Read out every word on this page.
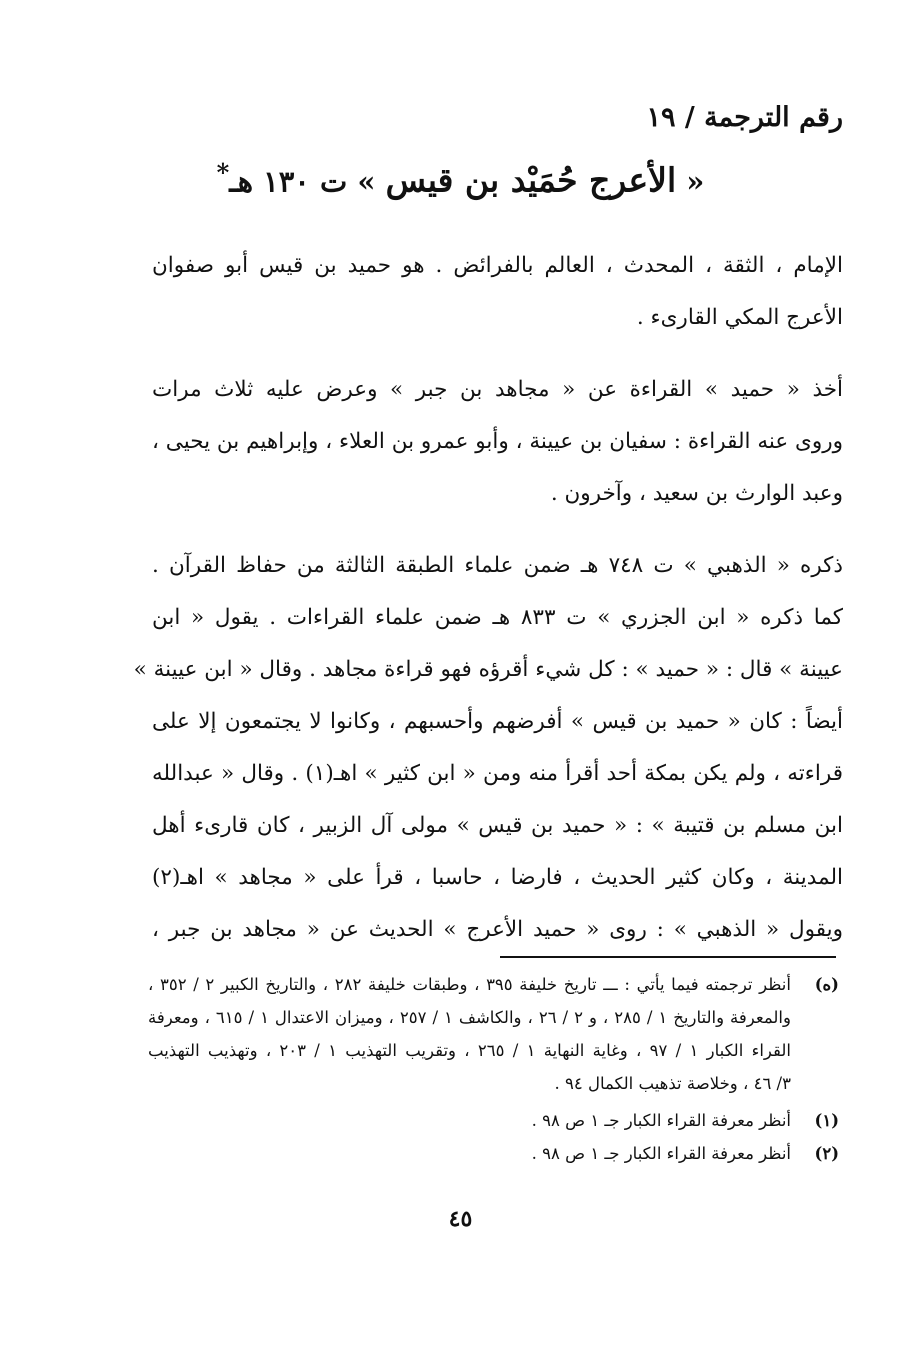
رقم الترجمة / ١٩
« الأعرج حُمَيْد بن قيس » ت ١٣٠ هـ*

الإمام ، الثقة ، المحدث ، العالم بالفرائض . هو حميد بن قيس أبو صفوان
الأعرج المكي القارىء .

أخذ « حميد » القراءة عن « مجاهد بن جبر » وعرض عليه ثلاث مرات
وروى عنه القراءة : سفيان بن عيينة ، وأبو عمرو بن العلاء ، وإبراهيم بن يحيى ،
وعبد الوارث بن سعيد ، وآخرون .

ذكره « الذهبي » ت ٧٤٨ هـ ضمن علماء الطبقة الثالثة من حفاظ القرآن .
كما ذكره « ابن الجزري » ت ٨٣٣ هـ ضمن علماء القراءات . يقول « ابن
عيينة » قال : « حميد » : كل شيء أقرؤه فهو قراءة مجاهد . وقال « ابن عيينة »
أيضاً : كان « حميد بن قيس » أفرضهم وأحسبهم ، وكانوا لا يجتمعون إلا على
قراءته ، ولم يكن بمكة أحد أقرأ منه ومن « ابن كثير » اهـ(١) . وقال « عبدالله
ابن مسلم بن قتيبة » : « حميد بن قيس » مولى آل الزبير ، كان قارىء أهل
المدينة ، وكان كثير الحديث ، فارضا ، حاسبا ، قرأ على « مجاهد » اهـ(٢)
ويقول « الذهبي » : روى « حميد الأعرج » الحديث عن « مجاهد بن جبر ،

(ه)
أنظر ترجمته فيما يأتي : ـــ تاريخ خليفة ٣٩٥ ، وطبقات خليفة ٢٨٢ ، والتاريخ الكبير ٢ / ٣٥٢ ،
والمعرفة والتاريخ ١ / ٢٨٥ ، و ٢ / ٢٦ ، والكاشف ١ / ٢٥٧ ، وميزان الاعتدال ١ / ٦١٥ ، ومعرفة
القراء الكبار ١ / ٩٧ ، وغاية النهاية ١ / ٢٦٥ ، وتقريب التهذيب ١ / ٢٠٣ ، وتهذيب التهذيب
٣/ ٤٦ ، وخلاصة تذهيب الكمال ٩٤ .
(١)
أنظر معرفة القراء الكبار جـ ١ ص ٩٨ .
(٢)
أنظر معرفة القراء الكبار جـ ١ ص ٩٨ .
٤٥
